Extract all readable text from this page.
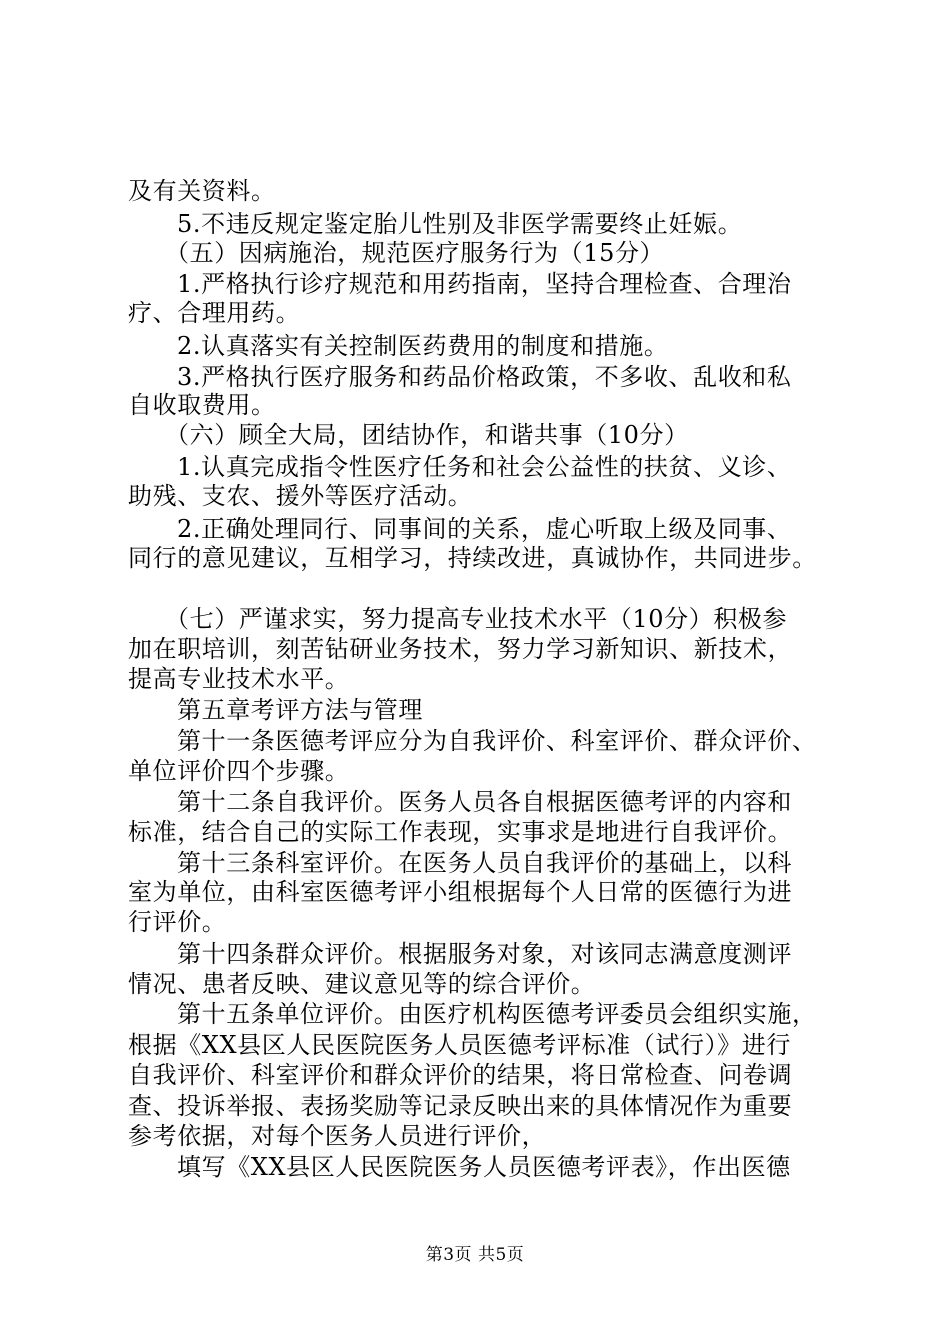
及有关资料。
5.不违反规定鉴定胎儿性别及非医学需要终止妊娠。
（五）因病施治，规范医疗服务行为（15分）
1.严格执行诊疗规范和用药指南，坚持合理检查、合理治
疗、合理用药。
2.认真落实有关控制医药费用的制度和措施。
3.严格执行医疗服务和药品价格政策，不多收、乱收和私
自收取费用。
（六）顾全大局，团结协作，和谐共事（10分）
1.认真完成指令性医疗任务和社会公益性的扶贫、义诊、
助残、支农、援外等医疗活动。
2.正确处理同行、同事间的关系，虚心听取上级及同事、
同行的意见建议，互相学习，持续改进，真诚协作，共同进步。
（七）严谨求实，努力提高专业技术水平（10分）积极参
加在职培训，刻苦钻研业务技术，努力学习新知识、新技术，
提高专业技术水平。
第五章考评方法与管理
第十一条医德考评应分为自我评价、科室评价、群众评价、
单位评价四个步骤。
第十二条自我评价。医务人员各自根据医德考评的内容和
标准，结合自己的实际工作表现，实事求是地进行自我评价。
第十三条科室评价。在医务人员自我评价的基础上，以科
室为单位，由科室医德考评小组根据每个人日常的医德行为进
行评价。
第十四条群众评价。根据服务对象，对该同志满意度测评
情况、患者反映、建议意见等的综合评价。
第十五条单位评价。由医疗机构医德考评委员会组织实施，
根据《XX县区人民医院医务人员医德考评标准（试行）》进行
自我评价、科室评价和群众评价的结果，将日常检查、问卷调
查、投诉举报、表扬奖励等记录反映出来的具体情况作为重要
参考依据，对每个医务人员进行评价，
填写《XX县区人民医院医务人员医德考评表》，作出医德
第3页 共5页
